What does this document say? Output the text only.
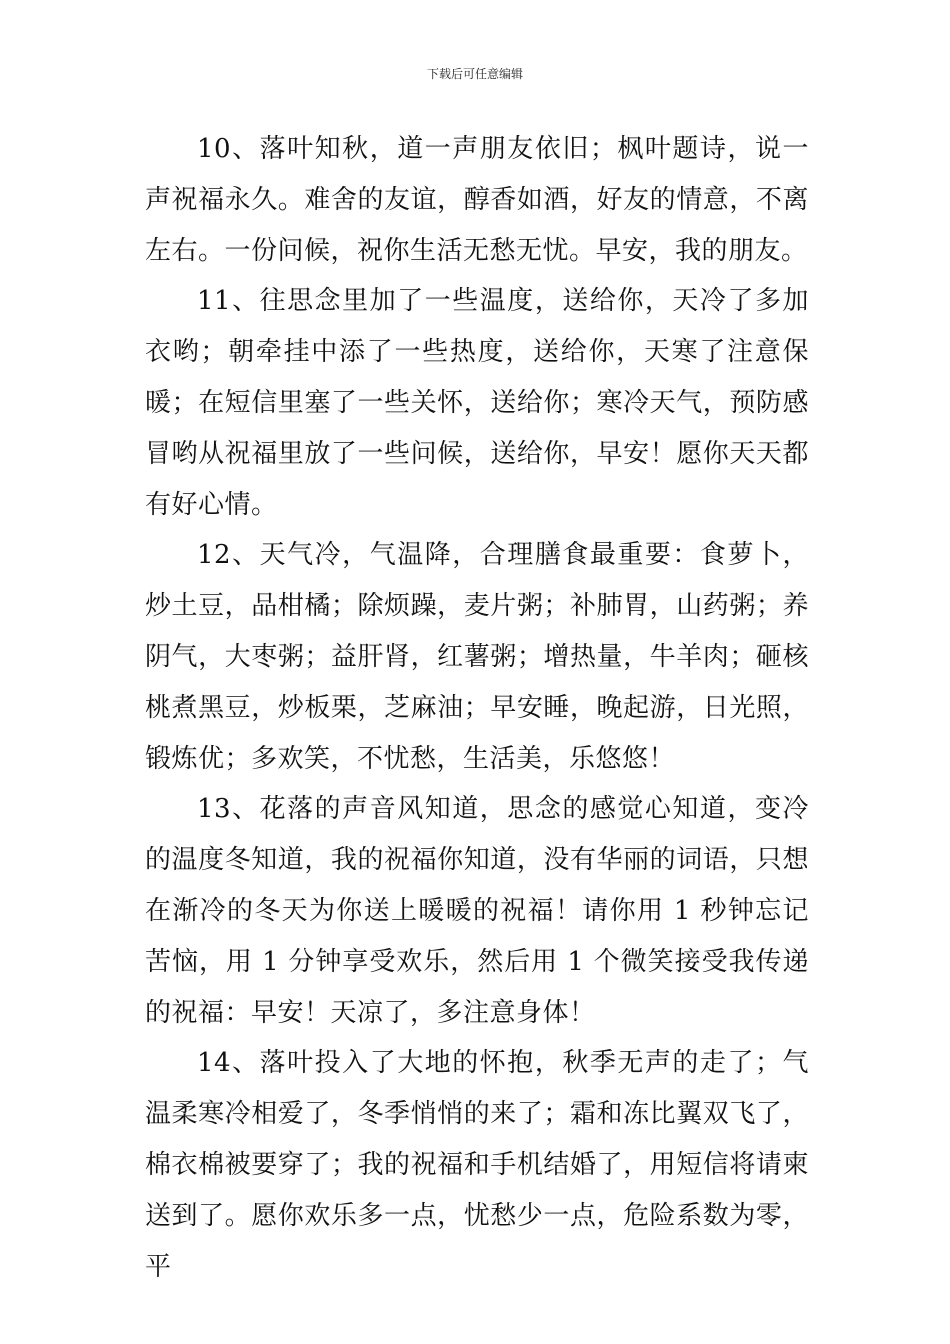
下载后可任意编辑

10、落叶知秋，道一声朋友依旧；枫叶题诗，说一声祝福永久。难舍的友谊，醇香如酒，好友的情意，不离左右。一份问候，祝你生活无愁无忧。早安，我的朋友。

11、往思念里加了一些温度，送给你，天冷了多加衣哟；朝牵挂中添了一些热度，送给你，天寒了注意保暖；在短信里塞了一些关怀，送给你；寒冷天气，预防感冒哟从祝福里放了一些问候，送给你，早安！愿你天天都有好心情。

12、天气冷，气温降，合理膳食最重要：食萝卜，炒土豆，品柑橘；除烦躁，麦片粥；补肺胃，山药粥；养阴气，大枣粥；益肝肾，红薯粥；增热量，牛羊肉；砸核桃煮黑豆，炒板栗，芝麻油；早安睡，晚起游，日光照，锻炼优；多欢笑，不忧愁，生活美，乐悠悠！

13、花落的声音风知道，思念的感觉心知道，变冷的温度冬知道，我的祝福你知道，没有华丽的词语，只想在渐冷的冬天为你送上暖暖的祝福！请你用 1 秒钟忘记苦恼，用 1 分钟享受欢乐，然后用 1 个微笑接受我传递的祝福：早安！天凉了，多注意身体！

14、落叶投入了大地的怀抱，秋季无声的走了；气温柔寒冷相爱了，冬季悄悄的来了；霜和冻比翼双飞了，棉衣棉被要穿了；我的祝福和手机结婚了，用短信将请柬送到了。愿你欢乐多一点，忧愁少一点，危险系数为零，平
